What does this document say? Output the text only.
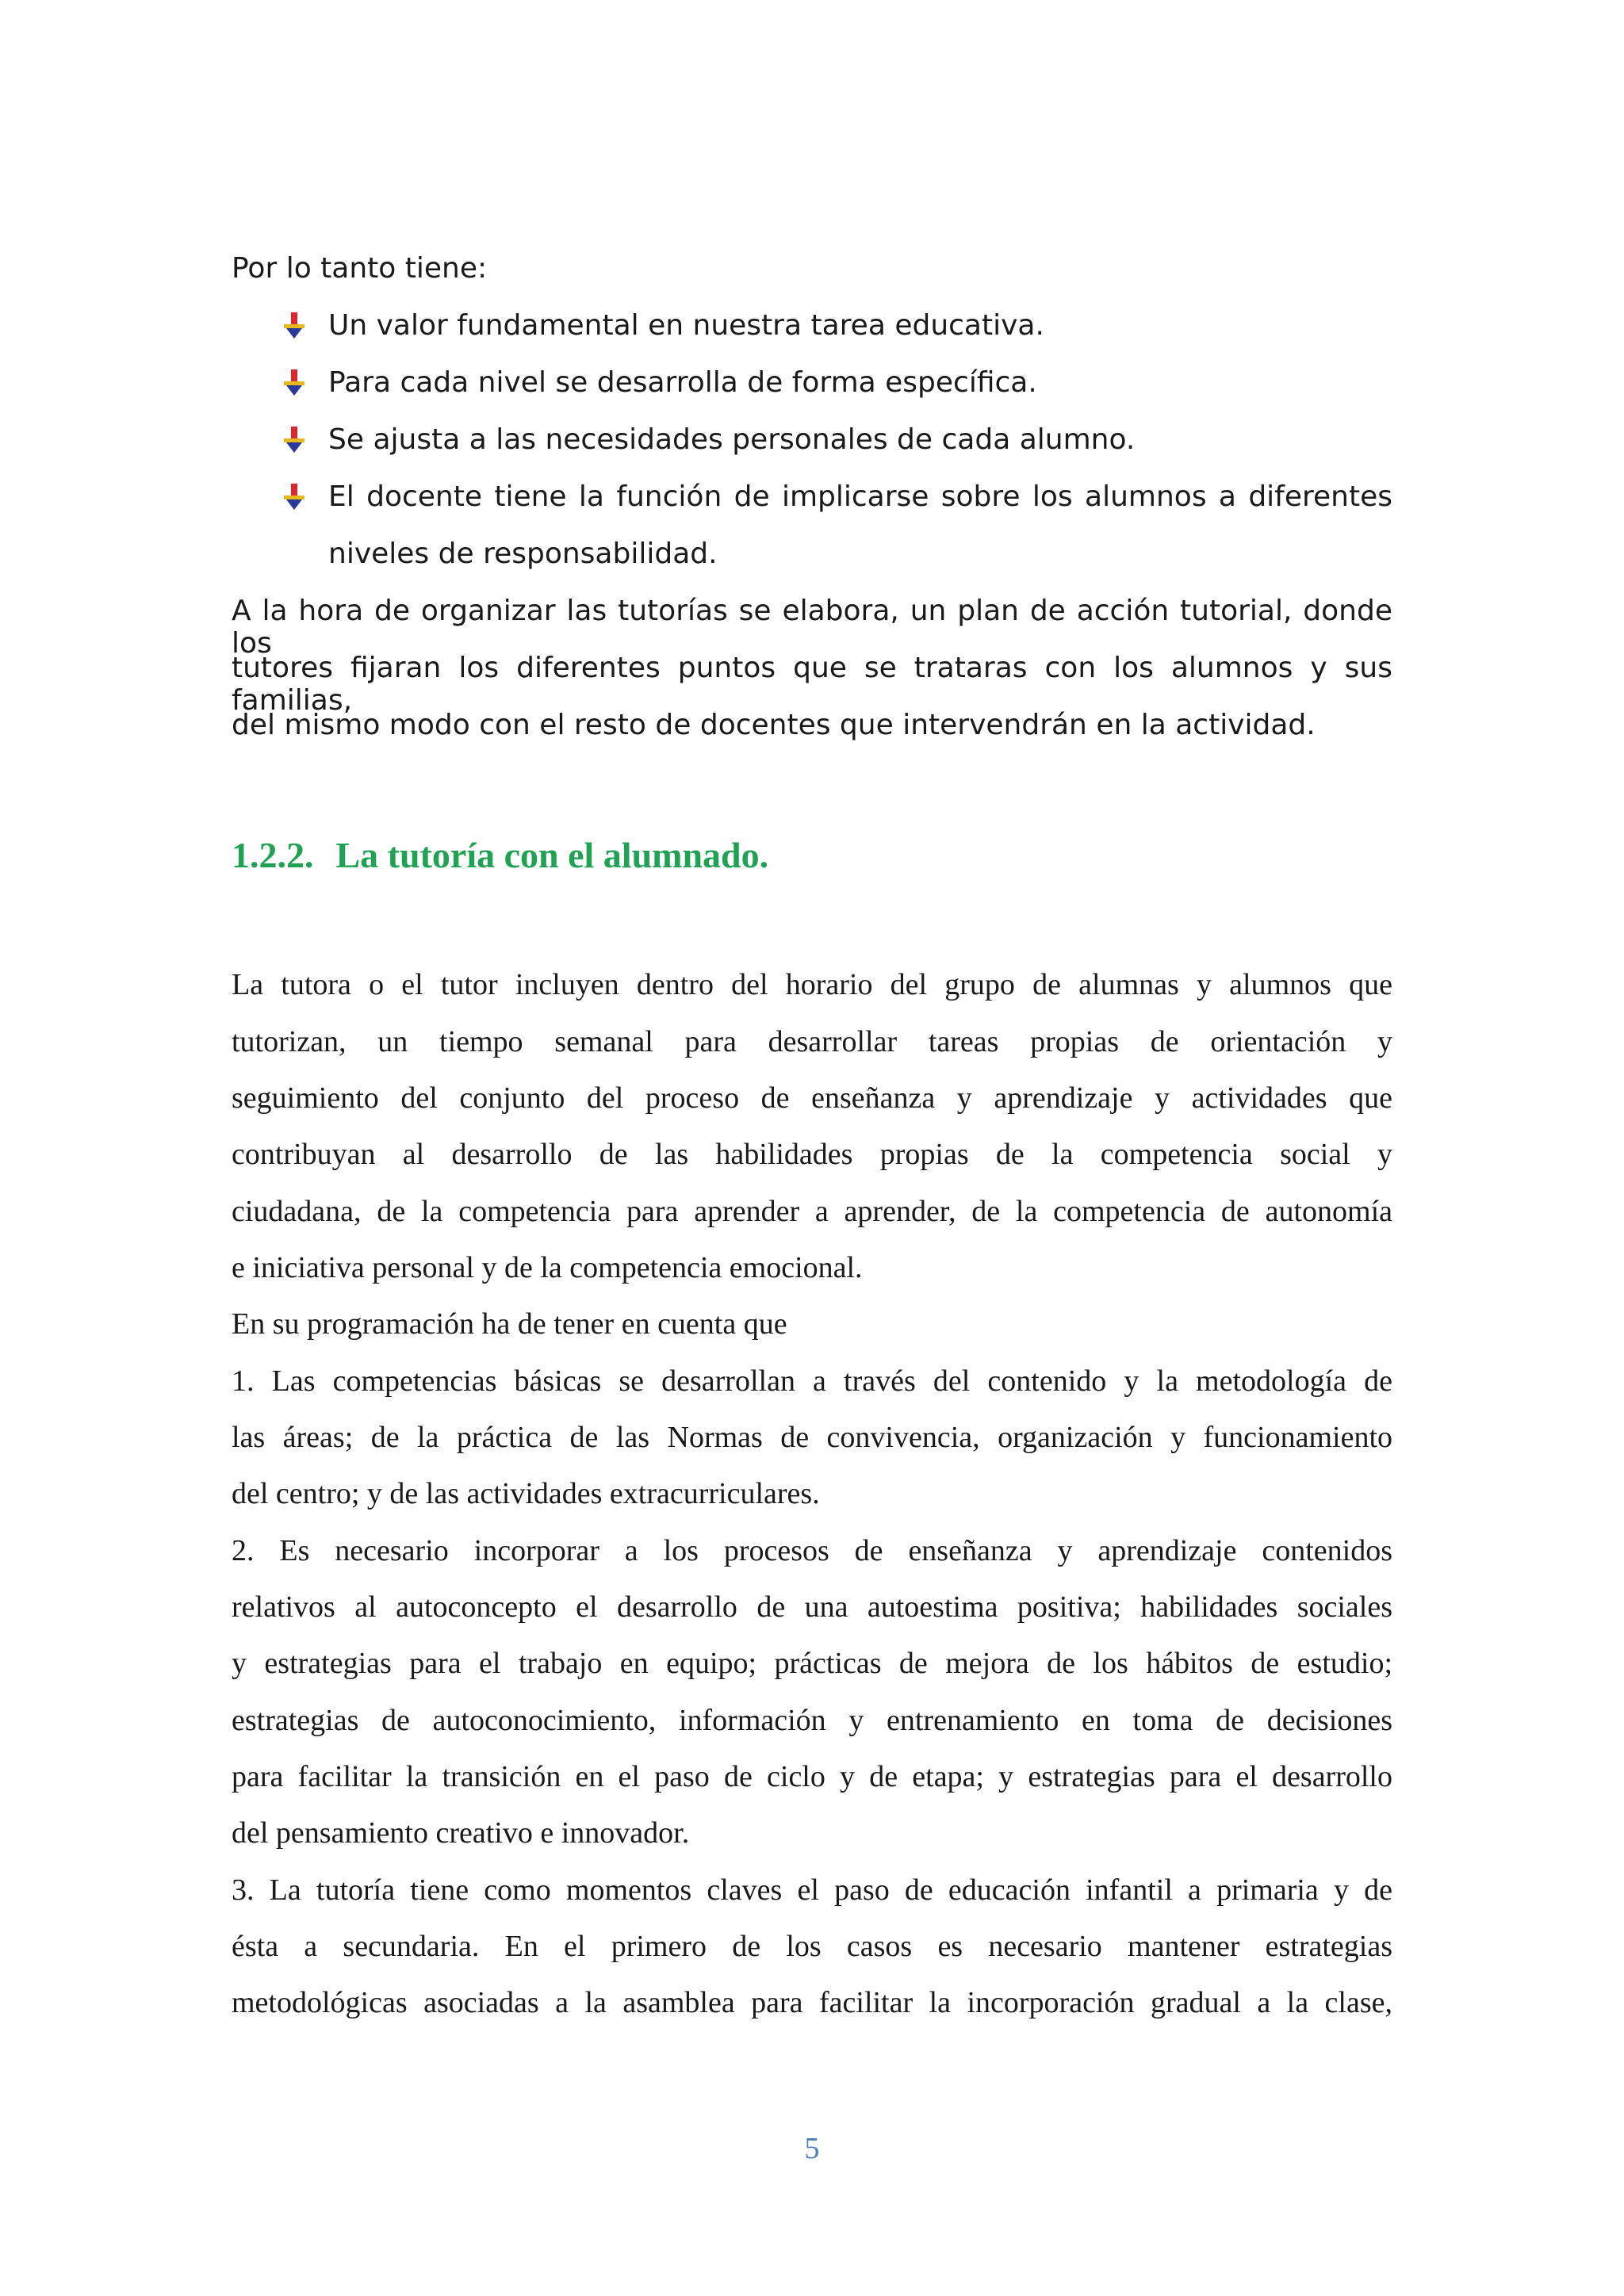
Por lo tanto tiene:
Un valor fundamental en nuestra tarea educativa.
Para cada nivel se desarrolla de forma específica.
Se ajusta a las necesidades personales de cada alumno.
El docente tiene la función de implicarse sobre los alumnos a diferentes
niveles de responsabilidad.
A la hora de organizar las tutorías se elabora, un plan de acción tutorial, donde los
tutores fijaran los diferentes puntos que se trataras con los alumnos y sus familias,
del mismo modo con el resto de docentes que intervendrán en la actividad.
1.2.2. La tutoría con el alumnado.
La tutora o el tutor incluyen dentro del horario del grupo de alumnas y alumnos que
tutorizan, un tiempo semanal para desarrollar tareas propias de orientación y
seguimiento del conjunto del proceso de enseñanza y aprendizaje y actividades que
contribuyan al desarrollo de las habilidades propias de la competencia social y
ciudadana, de la competencia para aprender a aprender, de la competencia de autonomía
e iniciativa personal y de la competencia emocional.
En su programación ha de tener en cuenta que
1. Las competencias básicas se desarrollan a través del contenido y la metodología de
las áreas; de la práctica de las Normas de convivencia, organización y funcionamiento
del centro; y de las actividades extracurriculares.
2. Es necesario incorporar a los procesos de enseñanza y aprendizaje contenidos
relativos al autoconcepto el desarrollo de una autoestima positiva; habilidades sociales
y estrategias para el trabajo en equipo; prácticas de mejora de los hábitos de estudio;
estrategias de autoconocimiento, información y entrenamiento en toma de decisiones
para facilitar la transición en el paso de ciclo y de etapa; y estrategias para el desarrollo
del pensamiento creativo e innovador.
3. La tutoría tiene como momentos claves el paso de educación infantil a primaria y de
ésta a secundaria. En el primero de los casos es necesario mantener estrategias
metodológicas asociadas a la asamblea para facilitar la incorporación gradual a la clase,
5
